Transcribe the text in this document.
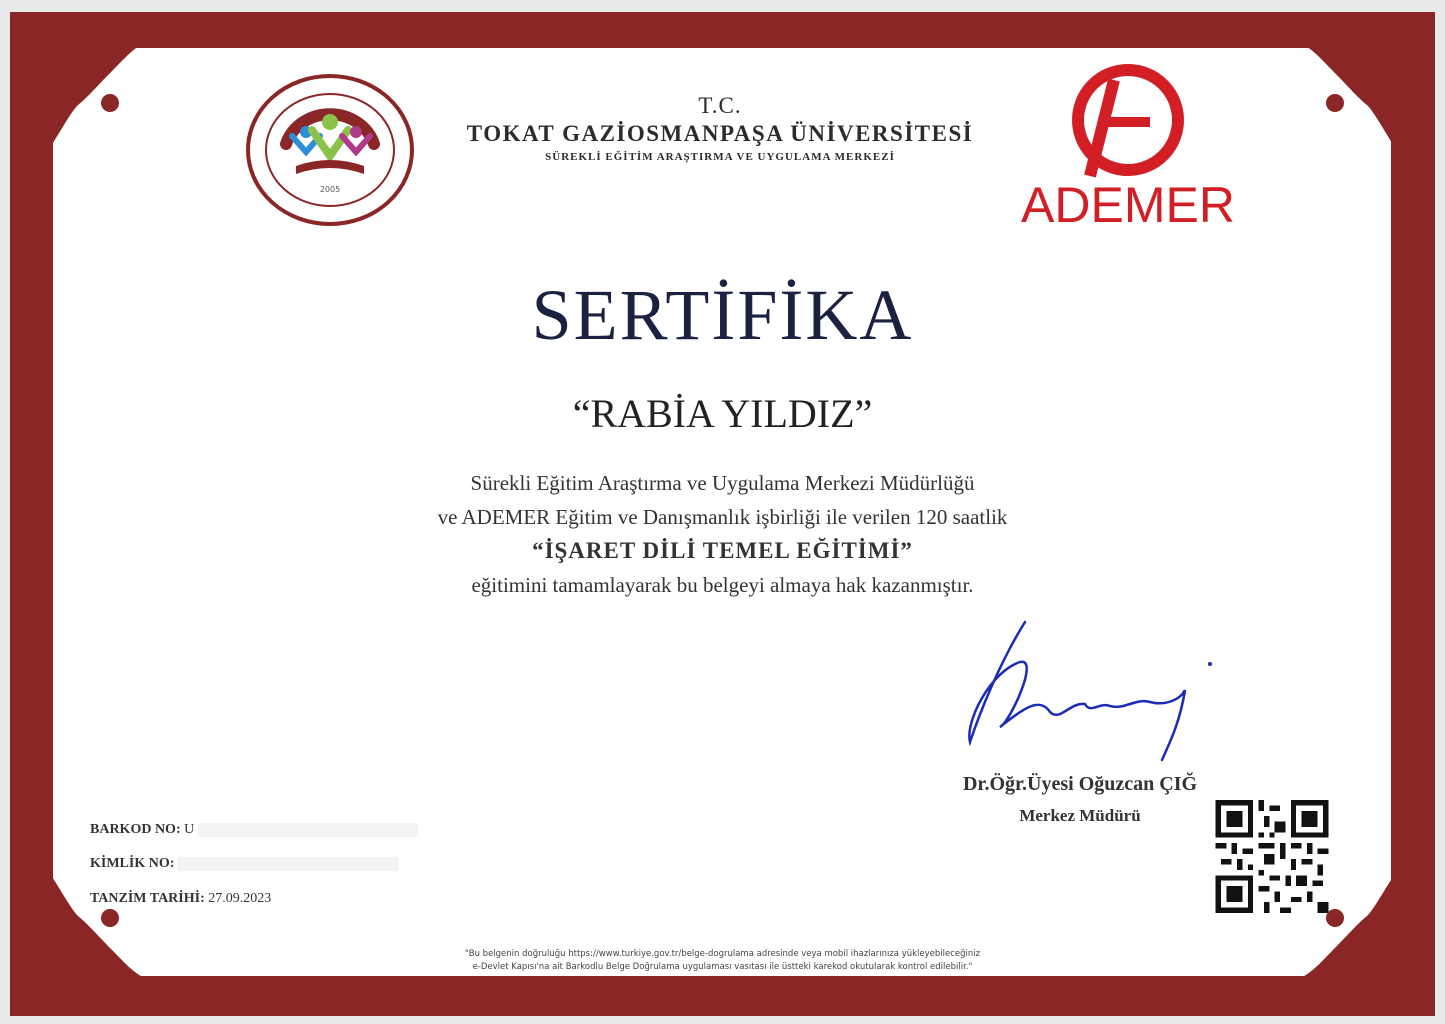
2005
T.C.
TOKAT GAZİOSMANPAŞA ÜNİVERSİTESİ
SÜREKLİ EĞİTİM ARAŞTIRMA VE UYGULAMA MERKEZİ
ADEMER
SERTİFİKA
“RABİA YILDIZ”
Sürekli Eğitim Araştırma ve Uygulama Merkezi Müdürlüğü
ve ADEMER Eğitim ve Danışmanlık işbirliği ile verilen 120 saatlik
“İŞARET DİLİ TEMEL EĞİTİMİ”
eğitimini tamamlayarak bu belgeyi almaya hak kazanmıştır.
Dr.Öğr.Üyesi Oğuzcan ÇIĞ
Merkez Müdürü
BARKOD NO: U
KİMLİK NO:
TANZİM TARİHİ: 27.09.2023
"Bu belgenin doğruluğu https://www.turkiye.gov.tr/belge-dogrulama adresinde veya mobil ihazlarınıza yükleyebileceğiniz
e-Devlet Kapısı'na ait Barkodlu Belge Doğrulama uygulaması vasıtası ile üstteki karekod okutularak kontrol edilebilir."
